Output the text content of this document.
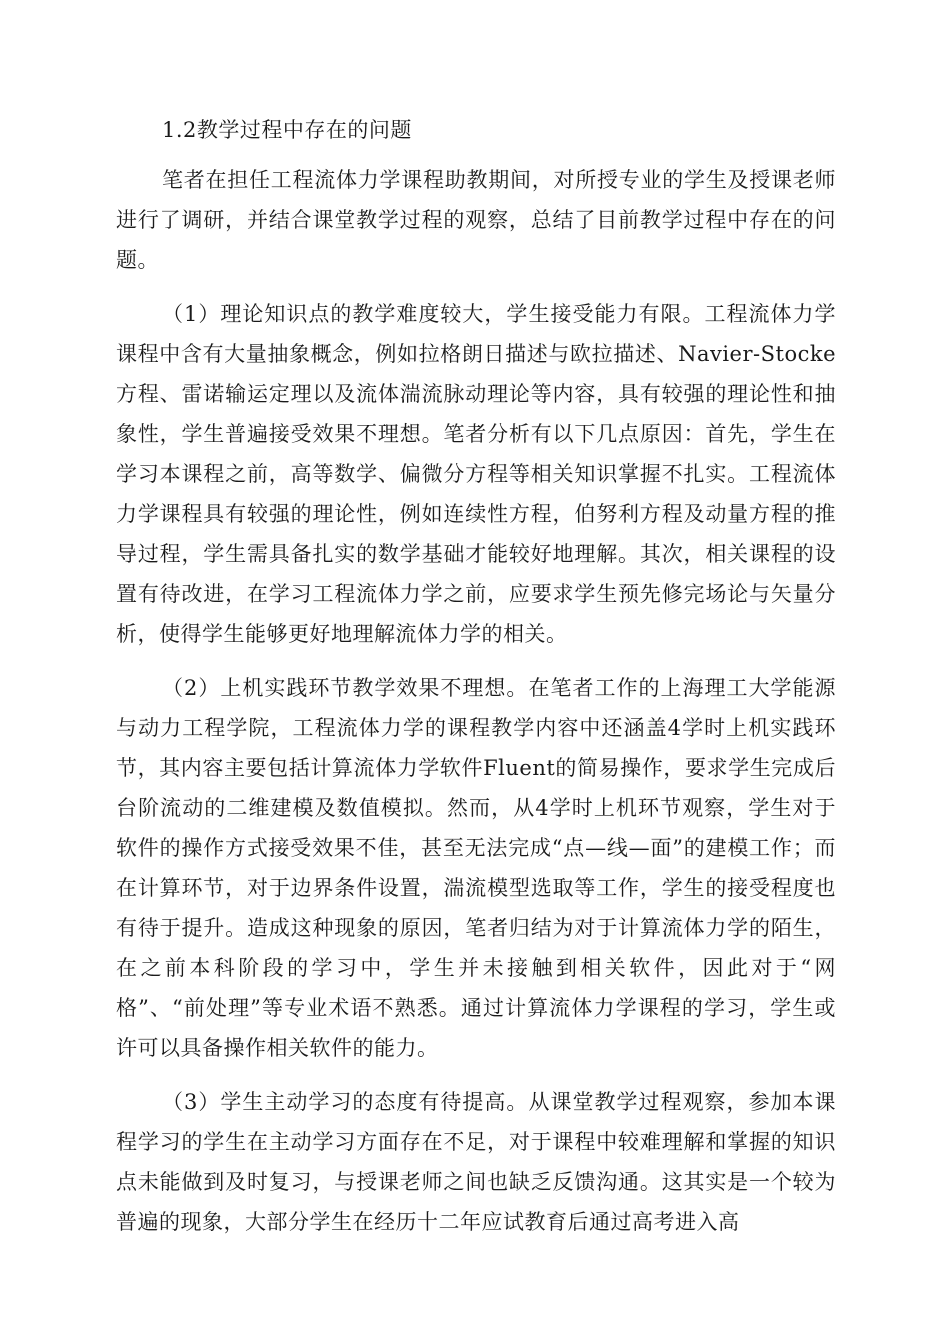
1.2教学过程中存在的问题

笔者在担任工程流体力学课程助教期间，对所授专业的学生及授课老师进行了调研，并结合课堂教学过程的观察，总结了目前教学过程中存在的问题。

（1）理论知识点的教学难度较大，学生接受能力有限。工程流体力学课程中含有大量抽象概念，例如拉格朗日描述与欧拉描述、Navier-Stocke方程、雷诺输运定理以及流体湍流脉动理论等内容，具有较强的理论性和抽象性，学生普遍接受效果不理想。笔者分析有以下几点原因：首先，学生在学习本课程之前，高等数学、偏微分方程等相关知识掌握不扎实。工程流体力学课程具有较强的理论性，例如连续性方程，伯努利方程及动量方程的推导过程，学生需具备扎实的数学基础才能较好地理解。其次，相关课程的设置有待改进，在学习工程流体力学之前，应要求学生预先修完场论与矢量分析，使得学生能够更好地理解流体力学的相关。

（2）上机实践环节教学效果不理想。在笔者工作的上海理工大学能源与动力工程学院，工程流体力学的课程教学内容中还涵盖4学时上机实践环节，其内容主要包括计算流体力学软件Fluent的简易操作，要求学生完成后台阶流动的二维建模及数值模拟。然而，从4学时上机环节观察，学生对于软件的操作方式接受效果不佳，甚至无法完成“点—线—面”的建模工作；而在计算环节，对于边界条件设置，湍流模型选取等工作，学生的接受程度也有待于提升。造成这种现象的原因，笔者归结为对于计算流体力学的陌生，在之前本科阶段的学习中，学生并未接触到相关软件，因此对于“网格”、“前处理”等专业术语不熟悉。通过计算流体力学课程的学习，学生或许可以具备操作相关软件的能力。

（3）学生主动学习的态度有待提高。从课堂教学过程观察，参加本课程学习的学生在主动学习方面存在不足，对于课程中较难理解和掌握的知识点未能做到及时复习，与授课老师之间也缺乏反馈沟通。这其实是一个较为普遍的现象，大部分学生在经历十二年应试教育后通过高考进入高
